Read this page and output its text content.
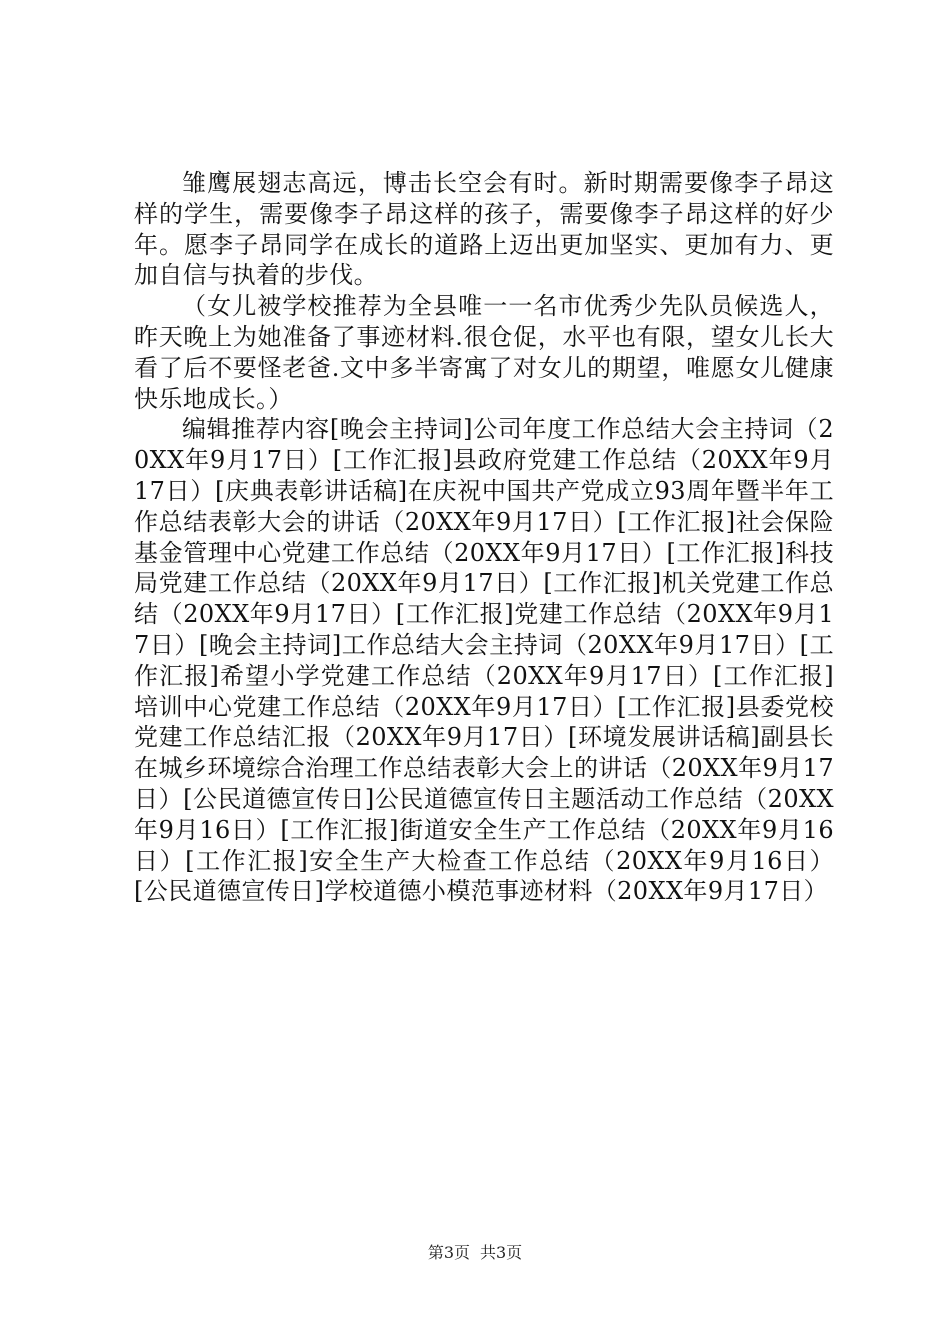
雏鹰展翅志高远，博击长空会有时。新时期需要像李子昂这样的学生，需要像李子昂这样的孩子，需要像李子昂这样的好少年。愿李子昂同学在成长的道路上迈出更加坚实、更加有力、更加自信与执着的步伐。

（女儿被学校推荐为全县唯一一名市优秀少先队员候选人，昨天晚上为她准备了事迹材料.很仓促，水平也有限，望女儿长大看了后不要怪老爸.文中多半寄寓了对女儿的期望，唯愿女儿健康快乐地成长。）

编辑推荐内容[晚会主持词]公司年度工作总结大会主持词（20XX年9月17日）[工作汇报]县政府党建工作总结（20XX年9月17日）[庆典表彰讲话稿]在庆祝中国共产党成立93周年暨半年工作总结表彰大会的讲话（20XX年9月17日）[工作汇报]社会保险基金管理中心党建工作总结（20XX年9月17日）[工作汇报]科技局党建工作总结（20XX年9月17日）[工作汇报]机关党建工作总结（20XX年9月17日）[工作汇报]党建工作总结（20XX年9月17日）[晚会主持词]工作总结大会主持词（20XX年9月17日）[工作汇报]希望小学党建工作总结（20XX年9月17日）[工作汇报]培训中心党建工作总结（20XX年9月17日）[工作汇报]县委党校党建工作总结汇报（20XX年9月17日）[环境发展讲话稿]副县长在城乡环境综合治理工作总结表彰大会上的讲话（20XX年9月17日）[公民道德宣传日]公民道德宣传日主题活动工作总结（20XX年9月16日）[工作汇报]街道安全生产工作总结（20XX年9月16日）[工作汇报]安全生产大检查工作总结（20XX年9月16日）[公民道德宣传日]学校道德小模范事迹材料（20XX年9月17日）

第3页 共3页
